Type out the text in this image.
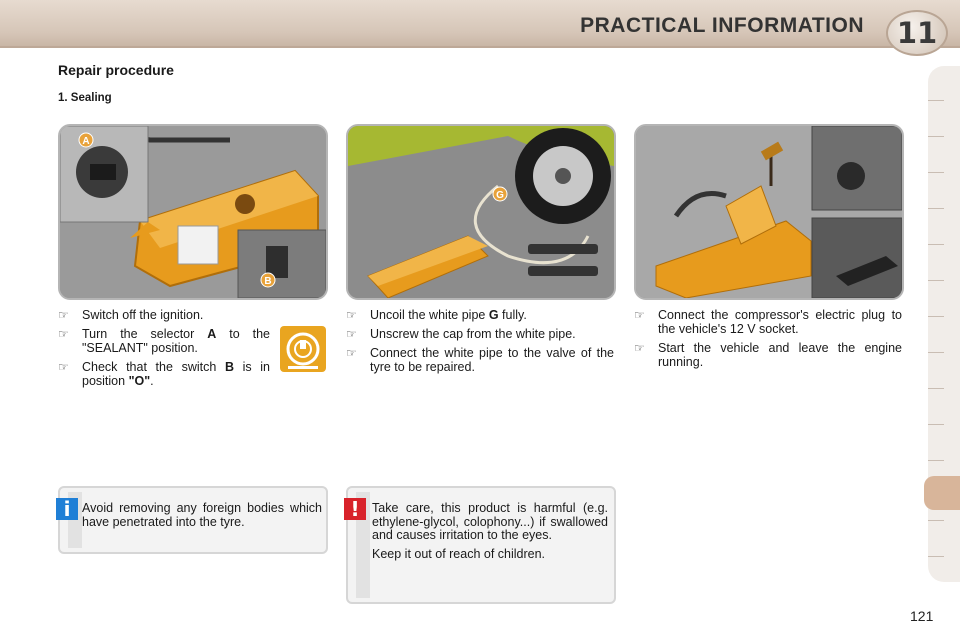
PRACTICAL INFORMATION 11
Repair procedure
1. Sealing
A
B
G
☞ Switch off the ignition.
☞ Turn the selector A to the "SEALANT" position.
☞ Check that the switch B is in position "O".
☞ Uncoil the white pipe G fully.
☞ Unscrew the cap from the white pipe.
☞ Connect the white pipe to the valve of the tyre to be repaired.
☞ Connect the compressor's electric plug to the vehicle's 12 V socket.
☞ Start the vehicle and leave the engine running.
i Avoid removing any foreign bodies which have penetrated into the tyre.
! Take care, this product is harmful (e.g. ethylene-glycol, colophony...) if swallowed and causes irritation to the eyes.
Keep it out of reach of children.
121
